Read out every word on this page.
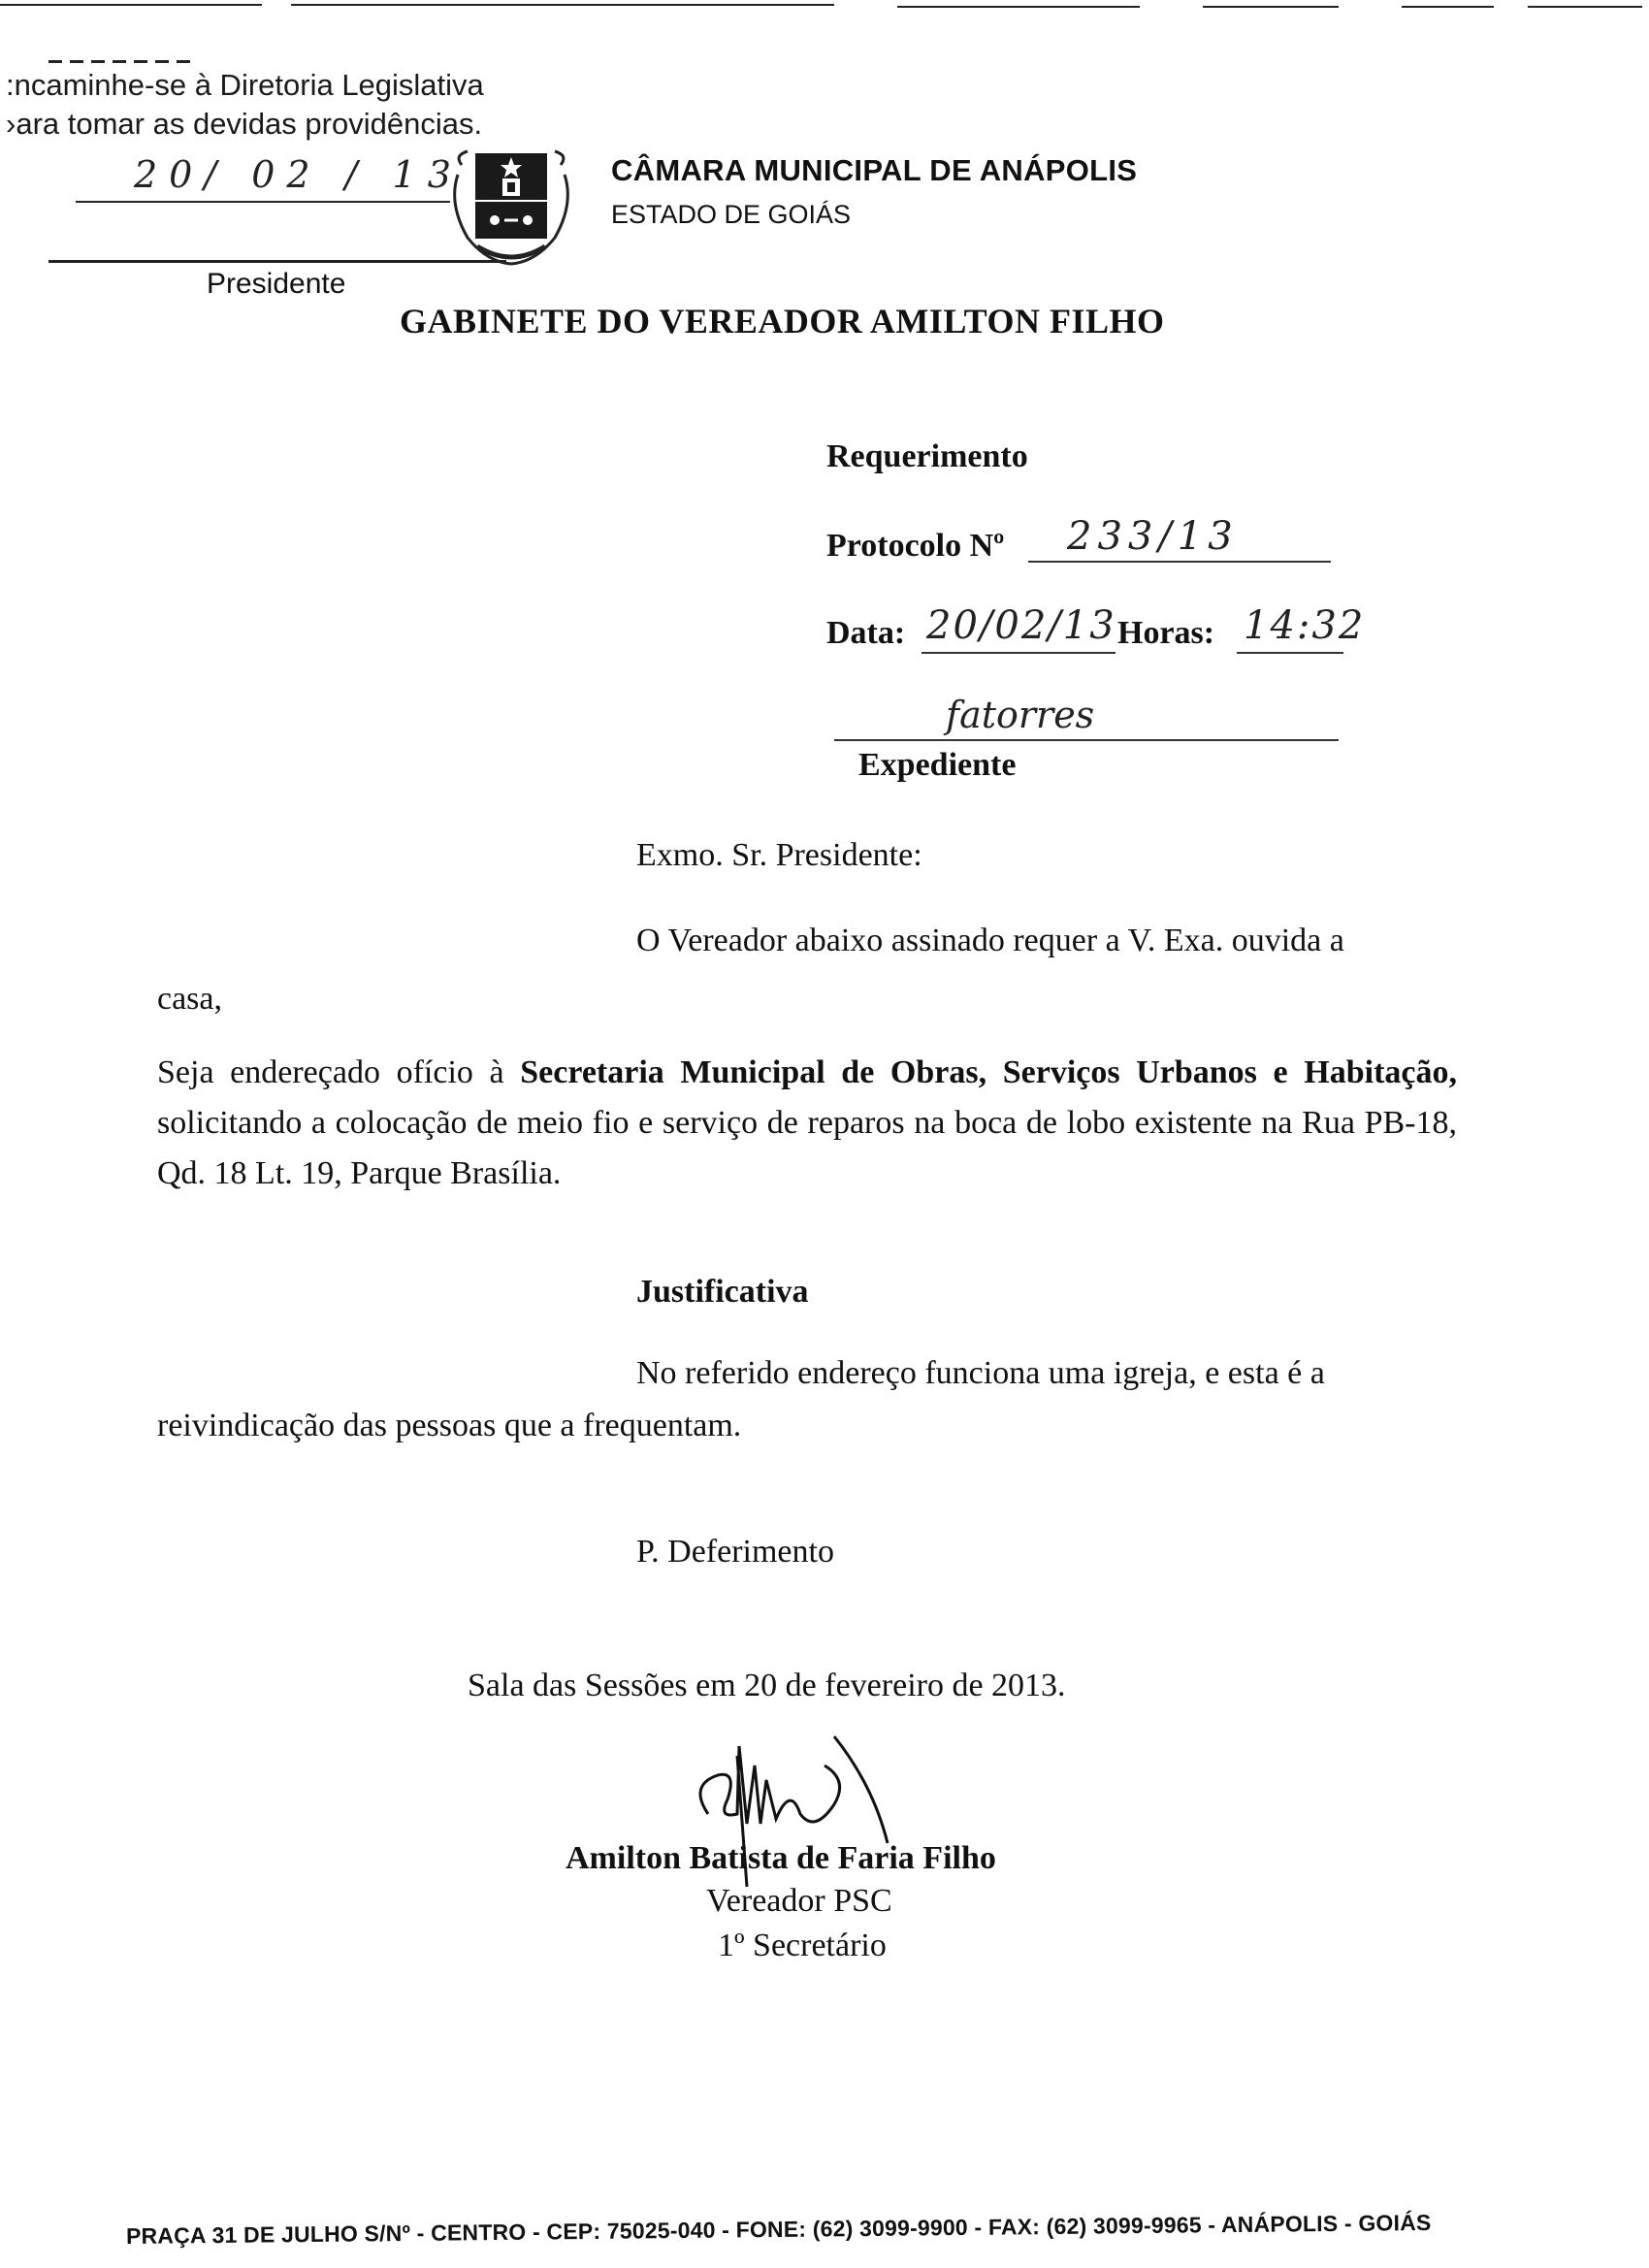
:ncaminhe-se à Diretoria Legislativa
›ara tomar as devidas providências.
20/ 02 / 13
Presidente
CÂMARA MUNICIPAL DE ANÁPOLIS
ESTADO DE GOIÁS
GABINETE DO VEREADOR AMILTON FILHO
Requerimento
Protocolo Nº 233/13
Data: 20/02/13 Horas: 14:32
fatorres
Expediente
Exmo. Sr. Presidente:
O Vereador abaixo assinado requer a V. Exa. ouvida a
casa,
Seja endereçado ofício à Secretaria Municipal de Obras, Serviços Urbanos e Habitação, solicitando a colocação de meio fio e serviço de reparos na boca de lobo existente na Rua PB-18, Qd. 18 Lt. 19, Parque Brasília.
Justificativa
No referido endereço funciona uma igreja, e esta é a
reivindicação das pessoas que a frequentam.
P. Deferimento
Sala das Sessões em 20 de fevereiro de 2013.
Amilton Batista de Faria Filho
Vereador PSC
1º Secretário
PRAÇA 31 DE JULHO S/Nº - CENTRO - CEP: 75025-040 - FONE: (62) 3099-9900 - FAX: (62) 3099-9965 - ANÁPOLIS - GOIÁS
